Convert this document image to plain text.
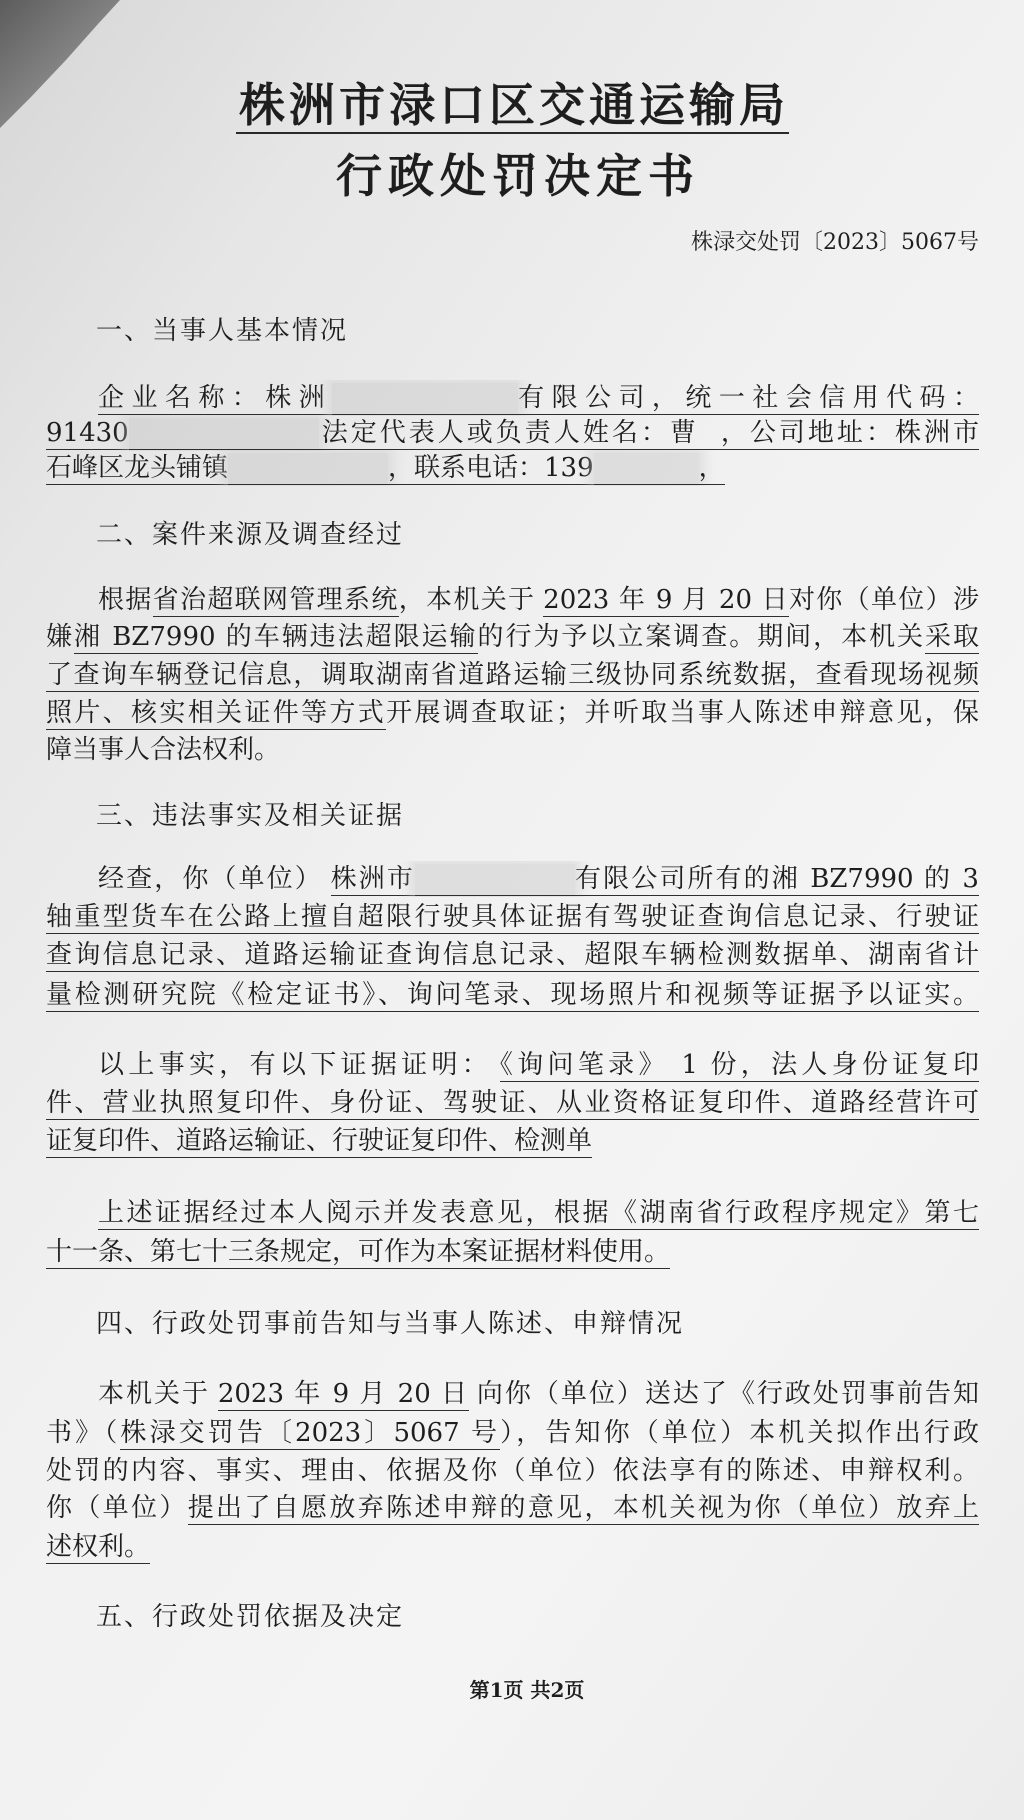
株洲市渌口区交通运输局
行政处罚决定书
株渌交处罚〔2023〕5067号
一、当事人基本情况
企业名称：株洲	有限公司，统一社会信用代码：
91430	法定代表人或负责人姓名：曹 ，公司地址：株洲市
石峰区龙头铺镇	，联系电话：139	，
二、案件来源及调查经过
根据省治超联网管理系统，本机关于 2023 年 9 月 20 日对你（单位）涉
嫌湘 BZ7990 的车辆违法超限运输的行为予以立案调查。期间，本机关采取
了查询车辆登记信息，调取湖南省道路运输三级协同系统数据，查看现场视频
照片、核实相关证件等方式开展调查取证；并听取当事人陈述申辩意见，保
障当事人合法权利。
三、违法事实及相关证据
经查，你（单位） 株洲市	有限公司所有的湘 BZ7990 的 3
轴重型货车在公路上擅自超限行驶具体证据有驾驶证查询信息记录、行驶证
查询信息记录、道路运输证查询信息记录、超限车辆检测数据单、湖南省计
量检测研究院《检定证书》、询问笔录、现场照片和视频等证据予以证实。
以上事实，有以下证据证明： 《询问笔录》 1 份，法人身份证复印
件、营业执照复印件、身份证、驾驶证、从业资格证复印件、道路经营许可
证复印件、道路运输证、行驶证复印件、检测单
上述证据经过本人阅示并发表意见，根据《湖南省行政程序规定》第七
十一条、第七十三条规定，可作为本案证据材料使用。
四、行政处罚事前告知与当事人陈述、申辩情况
本机关于 2023 年 9 月 20 日 向你（单位）送达了《行政处罚事前告知
书》（株渌交罚告〔2023〕5067 号），告知你（单位）本机关拟作出行政
处罚的内容、事实、理由、依据及你（单位）依法享有的陈述、申辩权利。
你（单位）提出了自愿放弃陈述申辩的意见，本机关视为你（单位）放弃上
述权利。
五、行政处罚依据及决定
第1页 共2页
